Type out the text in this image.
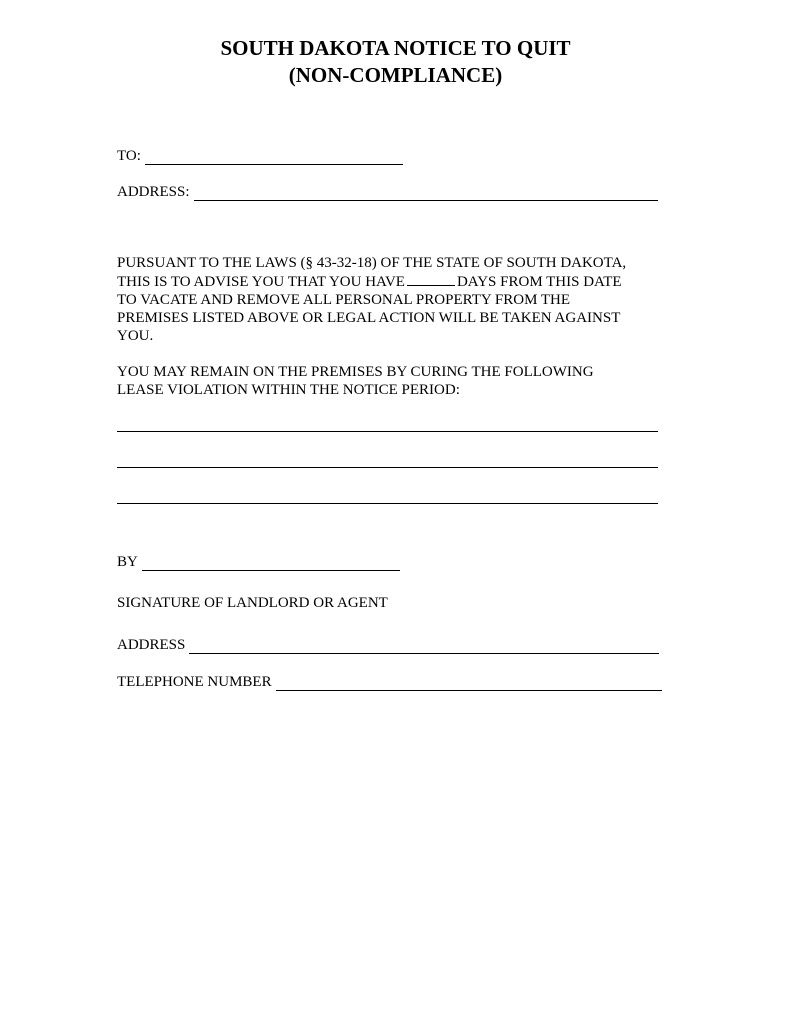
SOUTH DAKOTA NOTICE TO QUIT
(NON-COMPLIANCE)
TO:
ADDRESS:
PURSUANT TO THE LAWS (§ 43-32-18) OF THE STATE OF SOUTH DAKOTA,
THIS IS TO ADVISE YOU THAT YOU HAVE	DAYS FROM THIS DATE
TO VACATE AND REMOVE ALL PERSONAL PROPERTY FROM THE
PREMISES LISTED ABOVE OR LEGAL ACTION WILL BE TAKEN AGAINST
YOU.
YOU MAY REMAIN ON THE PREMISES BY CURING THE FOLLOWING
LEASE VIOLATION WITHIN THE NOTICE PERIOD:
BY
SIGNATURE OF LANDLORD OR AGENT
ADDRESS
TELEPHONE NUMBER
